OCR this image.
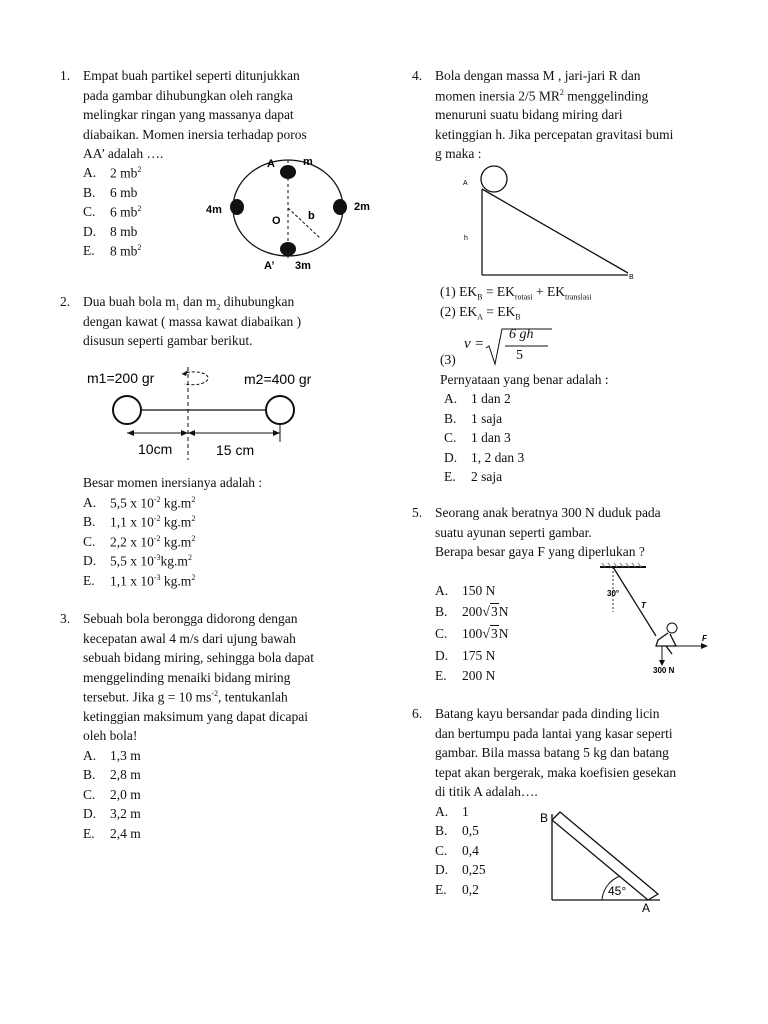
1. Empat buah partikel seperti ditunjukkan
pada gambar dihubungkan oleh rangka
melingkar ringan yang massanya dapat
diabaikan. Momen inersia terhadap poros
AA’ adalah ….
A. 2 $mb^2$
B. 6 mb
C. 6 $mb^2$
D. 8 mb
E. 8 $mb^2$
A	m
4m	2m
O b
A’ 3m
2. Dua buah bola $m_1$ dan $m_2$ dihubungkan
dengan kawat ( massa kawat diabaikan )
disusun seperti gambar berikut.
m1=200 gr	m2=400 gr
10cm	15 cm
Besar momen inersianya adalah :
A. 5,5 x $10^{-2}$ $kg.m^2$
B. 1,1 x $10^{-2}$ $kg.m^2$
C. 2,2 x $10^{-2}$ $kg.m^2$
D. 5,5 x $10^{-3}kg.m^2$
E. 1,1 x $10^{-3}$ $kg.m^2$
3. Sebuah bola berongga didorong dengan
kecepatan awal 4 m/s dari ujung bawah
sebuah bidang miring, sehingga bola dapat
menggelinding menaiki bidang miring
tersebut. Jika g = 10 $ms^{-2}$, tentukanlah
ketinggian maksimum yang dapat dicapai
oleh bola!
A. 1,3 m
B. 2,8 m
C. 2,0 m
D. 3,2 m
E. 2,4 m
4. Bola dengan massa M , jari-jari R dan
momen inersia 2/5 $MR^2$ menggelinding
menuruni suatu bidang miring dari
ketinggian h. Jika percepatan gravitasi bumi
g maka :
A
h
B
(1) $EK_B = EK_{rotasi} + EK_{translasi}$
(2) $EK_A = EK_B$
(3)
v =
6 gh
5
Pernyataan yang benar adalah :
A. 1 dan 2
B. 1 saja
C. 1 dan 3
D. 1, 2 dan 3
E. 2 saja
5. Seorang anak beratnya 300 N duduk pada
suatu ayunan seperti gambar.
Berapa besar gaya F yang diperlukan ?
A. 150 N
B. 200√3N
C. 100√3N
D. 175 N
E. 200 N
30°
T
F
300 N
6. Batang kayu bersandar pada dinding licin
dan bertumpu pada lantai yang kasar seperti
gambar. Bila massa batang 5 kg dan batang
tepat akan bergerak, maka koefisien gesekan
di titik A adalah….
A. 1
B. 0,5
C. 0,4
D. 0,25
E. 0,2
B
A
45°
